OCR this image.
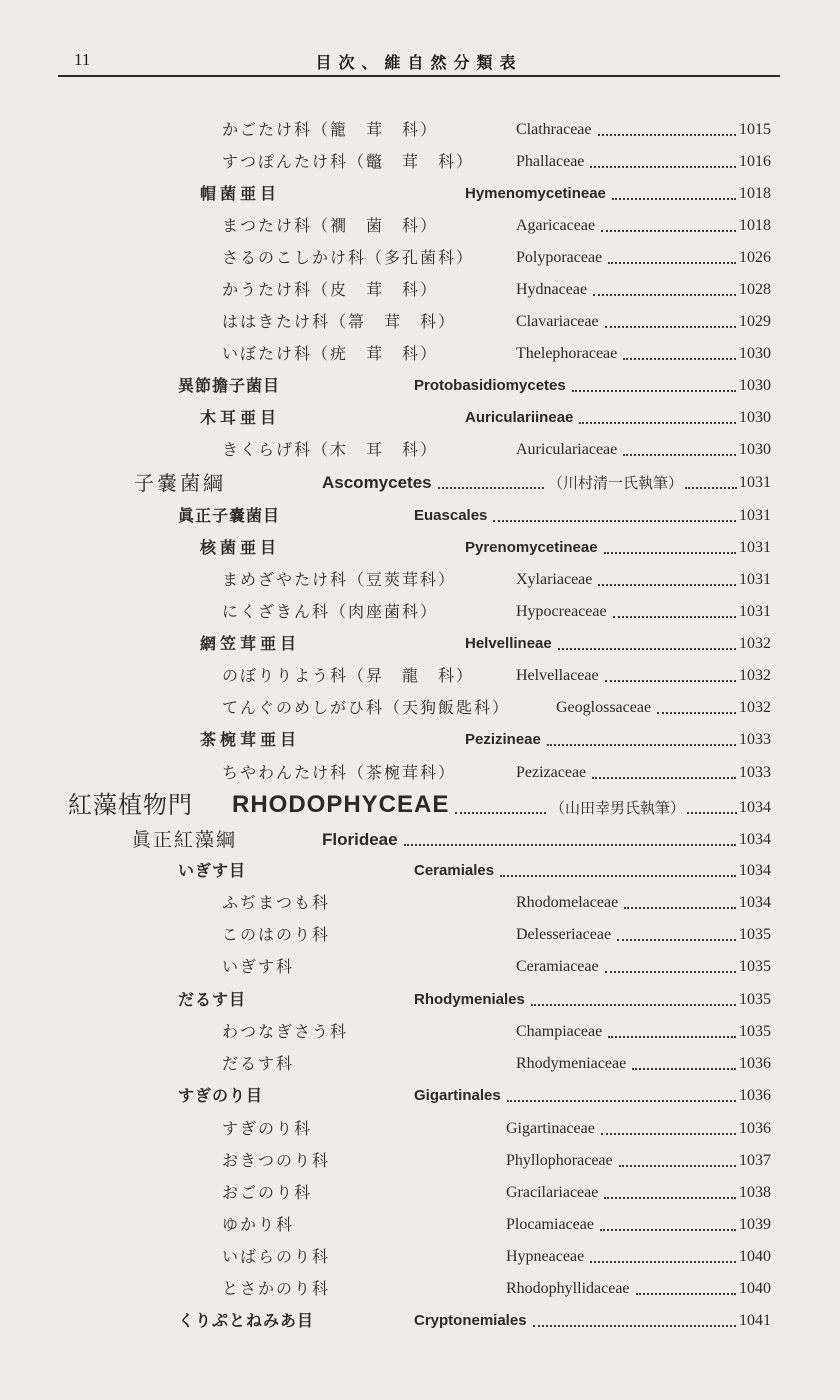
11	目次、維自然分類表
かごたけ科（籠　茸　科）	Clathraceae	1015
すつぽんたけ科（鼈　茸　科）	Phallaceae	1016
帽菌亜目	Hymenomycetineae	1018
まつたけ科（襉　菌　科）	Agaricaceae	1018
さるのこしかけ科（多孔菌科）	Polyporaceae	1026
かうたけ科（皮　茸　科）	Hydnaceae	1028
ははきたけ科（箒　茸　科）	Clavariaceae	1029
いぼたけ科（疣　茸　科）	Thelephoraceae	1030
異節擔子菌目	Protobasidiomycetes	1030
木耳亜目	Auriculariineae	1030
きくらげ科（木　耳　科）	Auriculariaceae	1030
子嚢菌綱	Ascomycetes	（川村清一氏執筆）	1031
眞正子嚢菌目	Euascales	1031
核菌亜目	Pyrenomycetineae	1031
まめざやたけ科（豆莢茸科）	Xylariaceae	1031
にくざきん科（肉座菌科）	Hypocreaceae	1031
網笠茸亜目	Helvellineae	1032
のぼりりよう科（昇　龍　科）	Helvellaceae	1032
てんぐのめしがひ科（天狗飯匙科）	Geoglossaceae	1032
茶椀茸亜目	Pezizineae	1033
ちやわんたけ科（茶椀茸科）	Pezizaceae	1033
紅藻植物門 RHODOPHYCEAE	（山田幸男氏執筆）	1034
眞正紅藻綱	Florideae	1034
いぎす目	Ceramiales	1034
ふぢまつも科	Rhodomelaceae	1034
このはのり科	Delesseriaceae	1035
いぎす科	Ceramiaceae	1035
だるす目	Rhodymeniales	1035
わつなぎさう科	Champiaceae	1035
だるす科	Rhodymeniaceae	1036
すぎのり目	Gigartinales	1036
すぎのり科	Gigartinaceae	1036
おきつのり科	Phyllophoraceae	1037
おごのり科	Gracilariaceae	1038
ゆかり科	Plocamiaceae	1039
いばらのり科	Hypneaceae	1040
とさかのり科	Rhodophyllidaceae	1040
くりぷとねみあ目	Cryptonemiales	1041
